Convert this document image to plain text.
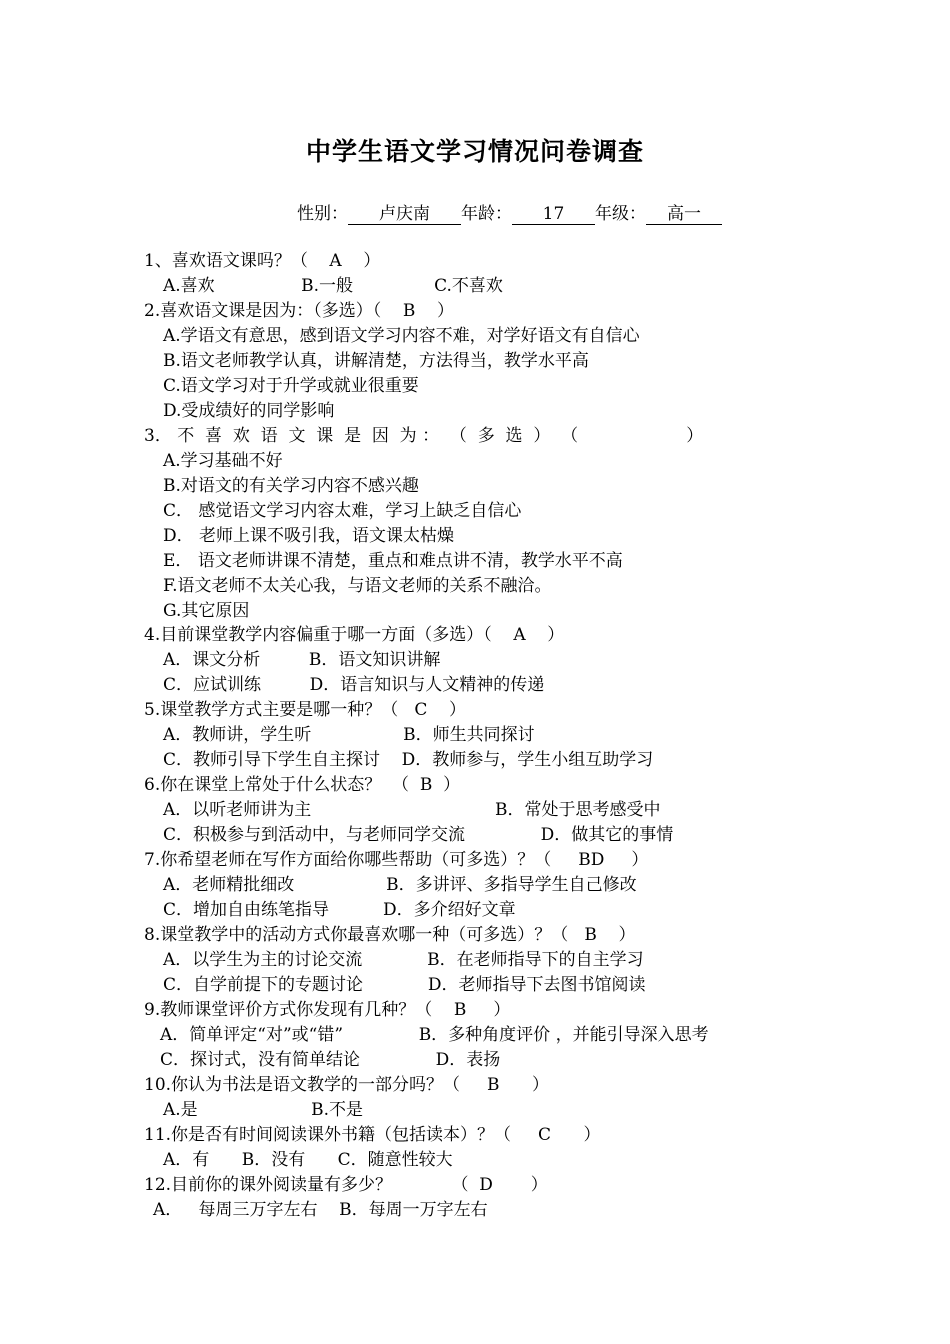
中学生语文学习情况问卷调查
性别： 卢庆南 年龄： 17 年级： 高一
1、喜欢语文课吗？（    A    ）
A.喜欢                B.一般               C.不喜欢
2.喜欢语文课是因为：（多选）（    B    ）
A.学语文有意思，感到语文学习内容不难，对学好语文有自信心
B.语文老师教学认真，讲解清楚，方法得当，教学水平高
C.语文学习对于升学或就业很重要
D.受成绩好的同学影响
3． 不  喜  欢  语  文  课  是  因  为 ：  （  多  选  ）  （                    ）
A.学习基础不好
B.对语文的有关学习内容不感兴趣
C． 感觉语文学习内容太难，学习上缺乏自信心
D． 老师上课不吸引我，语文课太枯燥
E． 语文老师讲课不清楚，重点和难点讲不清，教学水平不高
F.语文老师不太关心我，与语文老师的关系不融洽。
G.其它原因
4.目前课堂教学内容偏重于哪一方面（多选）（    A    ）
A．课文分析         B．语文知识讲解
C．应试训练         D．语言知识与人文精神的传递
5.课堂教学方式主要是哪一种？（   C    ）
A．教师讲，学生听                 B．师生共同探讨
C．教师引导下学生自主探讨    D．教师参与，学生小组互助学习
6.你在课堂上常处于什么状态？  （  B  ）
A．以听老师讲为主                                  B．常处于思考感受中
C．积极参与到活动中，与老师同学交流              D．做其它的事情
7.你希望老师在写作方面给你哪些帮助（可多选）？（     BD     ）
A．老师精批细改                 B．多讲评、多指导学生自己修改
C．增加自由练笔指导          D．多介绍好文章
8.课堂教学中的活动方式你最喜欢哪一种（可多选）？（   B    ）
A．以学生为主的讨论交流            B．在老师指导下的自主学习
C．自学前提下的专题讨论            D．老师指导下去图书馆阅读
9.教师课堂评价方式你发现有几种？（    B     ）
A．简单评定“对”或“错”              B．多种角度评价 ，并能引导深入思考
C．探讨式，没有简单结论              D．表扬
10.你认为书法是语文教学的一部分吗？（     B      ）
A.是                     B.不是
11.你是否有时间阅读课外书籍（包括读本）？（     C      ）
A．有      B．没有      C．随意性较大
12.目前你的课外阅读量有多少？           （  D       ）
A．   每周三万字左右    B．每周一万字左右
